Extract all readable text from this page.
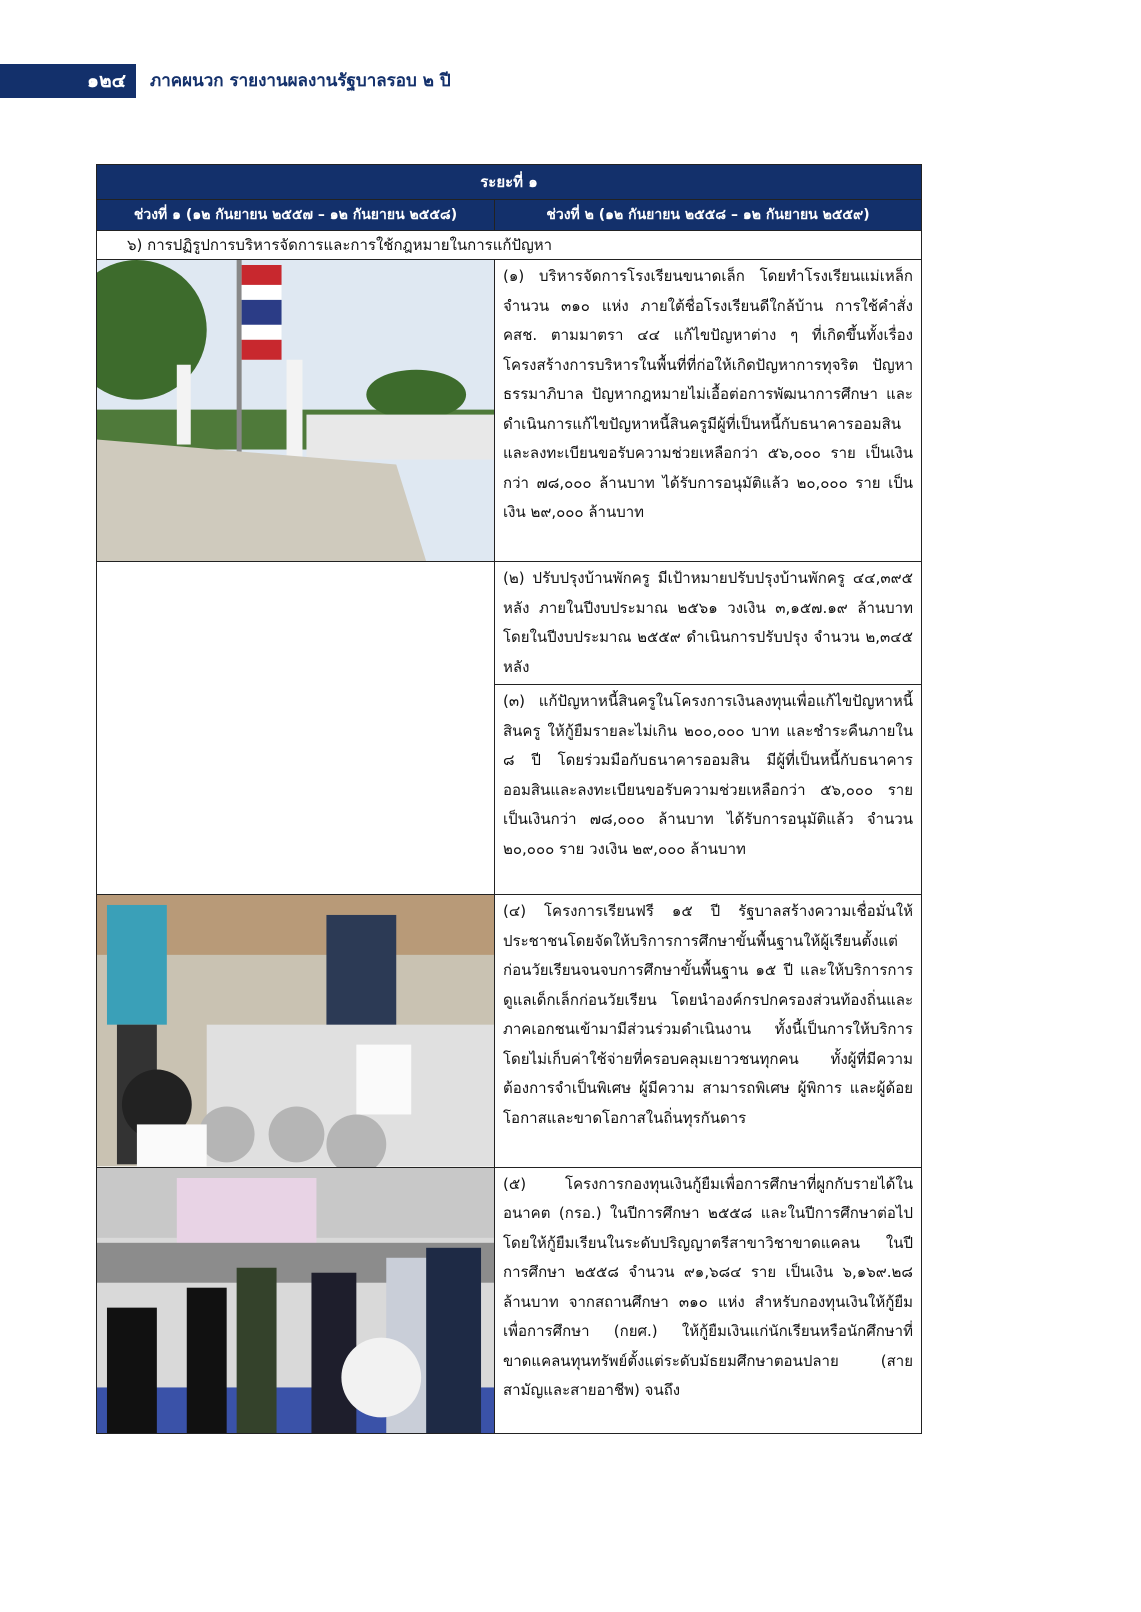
๑๒๔ ภาคผนวก รายงานผลงานรัฐบาลรอบ ๒ ปี
ระยะที่ ๑	
ช่วงที่ ๑ (๑๒ กันยายน ๒๕๕๗ – ๑๒ กันยายน ๒๕๕๘)	ช่วงที่ ๒ (๑๒ กันยายน ๒๕๕๘ – ๑๒ กันยายน ๒๕๕๙)
๖) การปฏิรูปการบริหารจัดการและการใช้กฎหมายในการแก้ปัญหา	

	(๑) บริหารจัดการโรงเรียนขนาดเล็ก โดยทำโรงเรียนแม่เหล็ก จำนวน ๓๑๐ แห่ง ภายใต้ชื่อโรงเรียนดีใกล้บ้าน การใช้คำสั่ง คสช. ตามมาตรา ๔๔ แก้ไขปัญหาต่าง ๆ ที่เกิดขึ้นทั้งเรื่องโครงสร้างการบริหารในพื้นที่ที่ก่อให้เกิดปัญหาการทุจริต ปัญหาธรรมาภิบาล ปัญหากฎหมายไม่เอื้อต่อการพัฒนาการศึกษา และดำเนินการแก้ไขปัญหาหนี้สินครูมีผู้ที่เป็นหนี้กับธนาคารออมสินและลงทะเบียนขอรับความช่วยเหลือกว่า ๕๖,๐๐๐ ราย เป็นเงินกว่า ๗๘,๐๐๐ ล้านบาท ได้รับการอนุมัติแล้ว ๒๐,๐๐๐ ราย เป็นเงิน ๒๙,๐๐๐ ล้านบาท
	(๒) ปรับปรุงบ้านพักครู มีเป้าหมายปรับปรุงบ้านพักครู ๔๔,๓๙๕ หลัง ภายในปีงบประมาณ ๒๕๖๑ วงเงิน ๓,๑๕๗.๑๙ ล้านบาท โดยในปีงบประมาณ ๒๕๕๙ ดำเนินการปรับปรุง จำนวน ๒,๓๔๕ หลัง
	(๓) แก้ปัญหาหนี้สินครูในโครงการเงินลงทุนเพื่อแก้ไขปัญหาหนี้สินครู ให้กู้ยืมรายละไม่เกิน ๒๐๐,๐๐๐ บาท และชำระคืนภายใน ๘ ปี โดยร่วมมือกับธนาคารออมสิน มีผู้ที่เป็นหนี้กับธนาคารออมสินและลงทะเบียนขอรับความช่วยเหลือกว่า ๕๖,๐๐๐ ราย เป็นเงินกว่า ๗๘,๐๐๐ ล้านบาท ได้รับการอนุมัติแล้ว จำนวน ๒๐,๐๐๐ ราย วงเงิน ๒๙,๐๐๐ ล้านบาท

	(๔) โครงการเรียนฟรี ๑๕ ปี รัฐบาลสร้างความเชื่อมั่นให้ประชาชนโดยจัดให้บริการการศึกษาขั้นพื้นฐานให้ผู้เรียนตั้งแต่ก่อนวัยเรียนจนจบการศึกษาขั้นพื้นฐาน ๑๕ ปี และให้บริการการดูแลเด็กเล็กก่อนวัยเรียน โดยนำองค์กรปกครองส่วนท้องถิ่นและภาคเอกชนเข้ามามีส่วนร่วมดำเนินงาน ทั้งนี้เป็นการให้บริการโดยไม่เก็บค่าใช้จ่ายที่ครอบคลุมเยาวชนทุกคน ทั้งผู้ที่มีความต้องการจำเป็นพิเศษ ผู้มีความ สามารถพิเศษ ผู้พิการ และผู้ด้อยโอกาสและขาดโอกาสในถิ่นทุรกันดาร

	(๕) โครงการกองทุนเงินกู้ยืมเพื่อการศึกษาที่ผูกกับรายได้ในอนาคต (กรอ.) ในปีการศึกษา ๒๕๕๘ และในปีการศึกษาต่อไป โดยให้กู้ยืมเรียนในระดับปริญญาตรีสาขาวิชาขาดแคลน ในปีการศึกษา ๒๕๕๘ จำนวน ๙๑,๖๘๔ ราย เป็นเงิน ๖,๑๖๙.๒๘ ล้านบาท จากสถานศึกษา ๓๑๐ แห่ง สำหรับกองทุนเงินให้กู้ยืมเพื่อการศึกษา (กยศ.) ให้กู้ยืมเงินแก่นักเรียนหรือนักศึกษาที่ขาดแคลนทุนทรัพย์ตั้งแต่ระดับมัธยมศึกษาตอนปลาย (สายสามัญและสายอาชีพ) จนถึง
